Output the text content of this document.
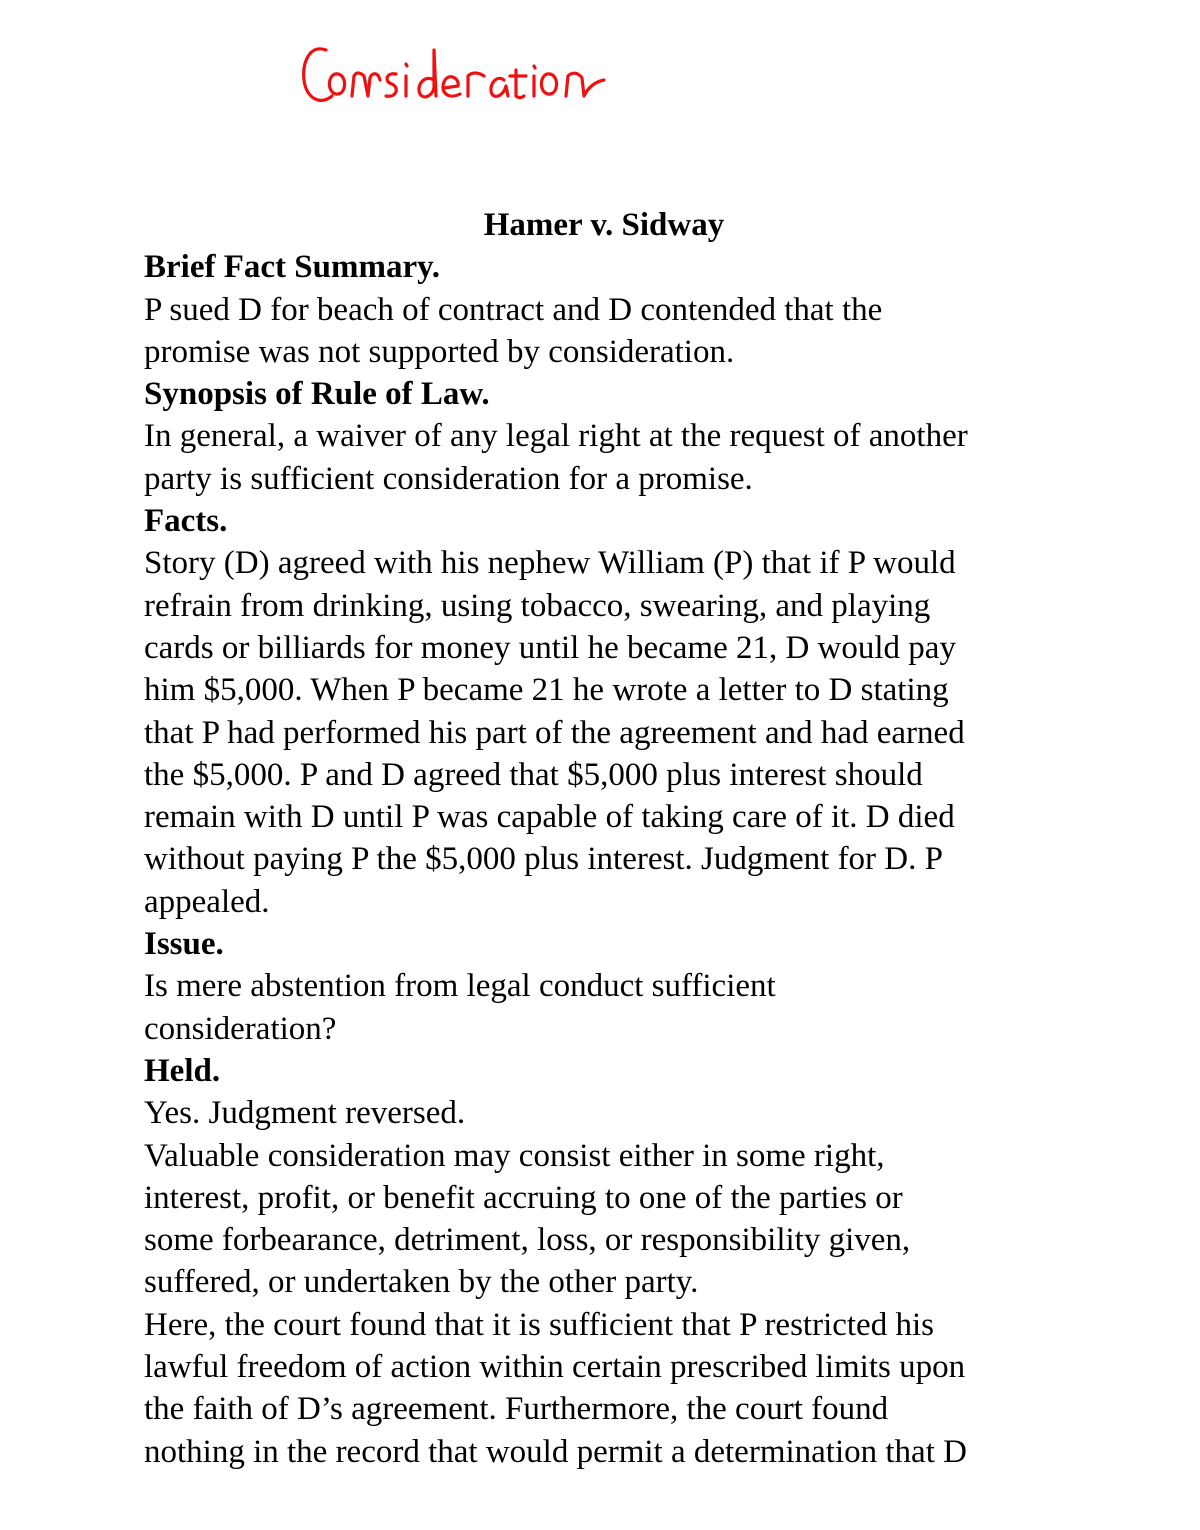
Hamer v. Sidway

Brief Fact Summary.

P sued D for beach of contract and D contended that the

promise was not supported by consideration.

Synopsis of Rule of Law.

In general, a waiver of any legal right at the request of another

party is sufficient consideration for a promise.

Facts.

Story (D) agreed with his nephew William (P) that if P would

refrain from drinking, using tobacco, swearing, and playing

cards or billiards for money until he became 21, D would pay

him $5,000. When P became 21 he wrote a letter to D stating

that P had performed his part of the agreement and had earned

the $5,000. P and D agreed that $5,000 plus interest should

remain with D until P was capable of taking care of it. D died

without paying P the $5,000 plus interest. Judgment for D. P

appealed.

Issue.

Is mere abstention from legal conduct sufficient

consideration?

Held.

Yes. Judgment reversed.

Valuable consideration may consist either in some right,

interest, profit, or benefit accruing to one of the parties or

some forbearance, detriment, loss, or responsibility given,

suffered, or undertaken by the other party.

Here, the court found that it is sufficient that P restricted his

lawful freedom of action within certain prescribed limits upon

the faith of D’s agreement. Furthermore, the court found

nothing in the record that would permit a determination that D
